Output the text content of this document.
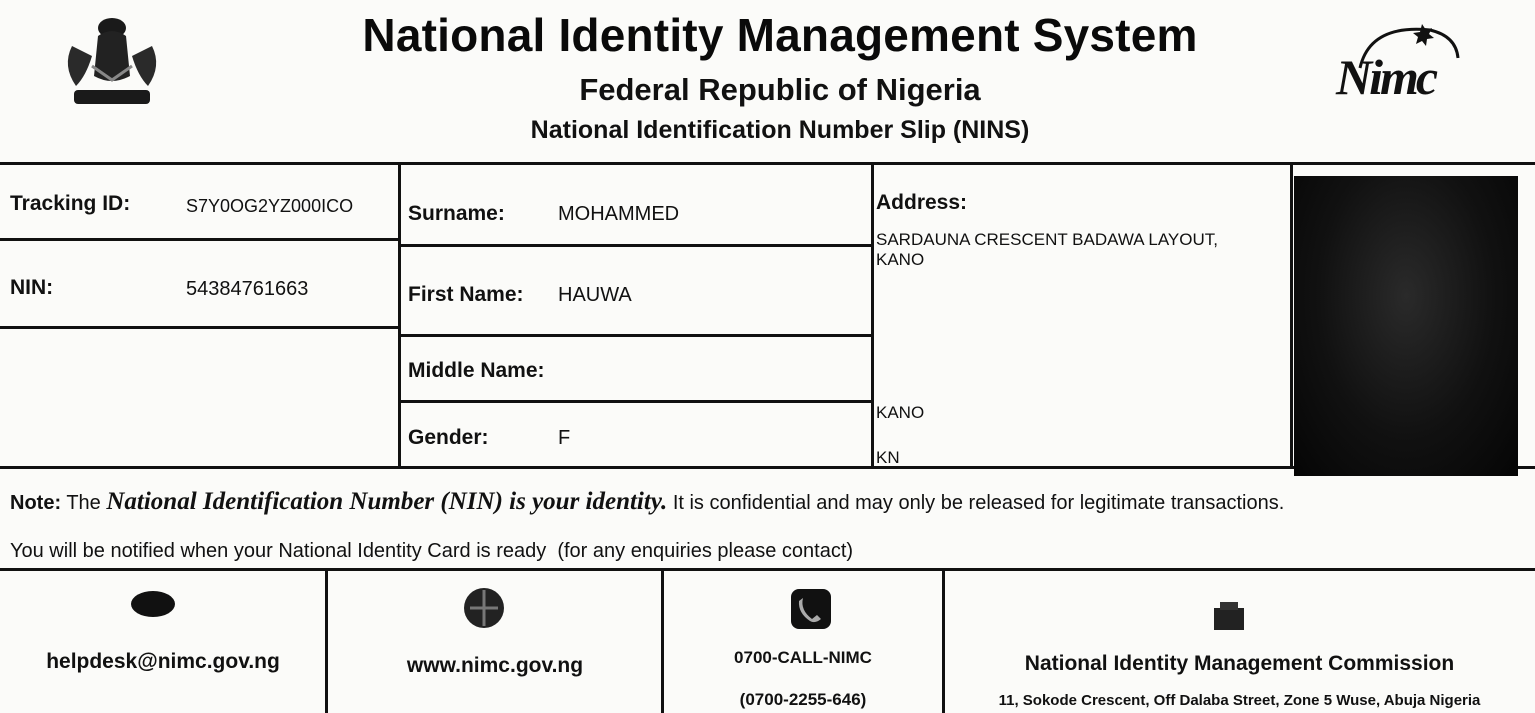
National Identity Management System
Federal Republic of Nigeria
National Identification Number Slip (NINS)
Nimc
Tracking ID:	S7Y0OG2YZ000ICO
NIN:	54384761663
Surname:	MOHAMMED
First Name: HAUWA
Middle Name:
Gender:	F
Address:
SARDAUNA CRESCENT BADAWA LAYOUT,
KANO
KANO
KN
Note: The National Identification Number (NIN) is your identity. It is confidential and may only be released for legitimate transactions.
You will be notified when your National Identity Card is ready  (for any enquiries please contact)
helpdesk@nimc.gov.ng	www.nimc.gov.ng	0700-CALL-NIMC
(0700-2255-646)
National Identity Management Commission
11, Sokode Crescent, Off Dalaba Street, Zone 5 Wuse, Abuja Nigeria
